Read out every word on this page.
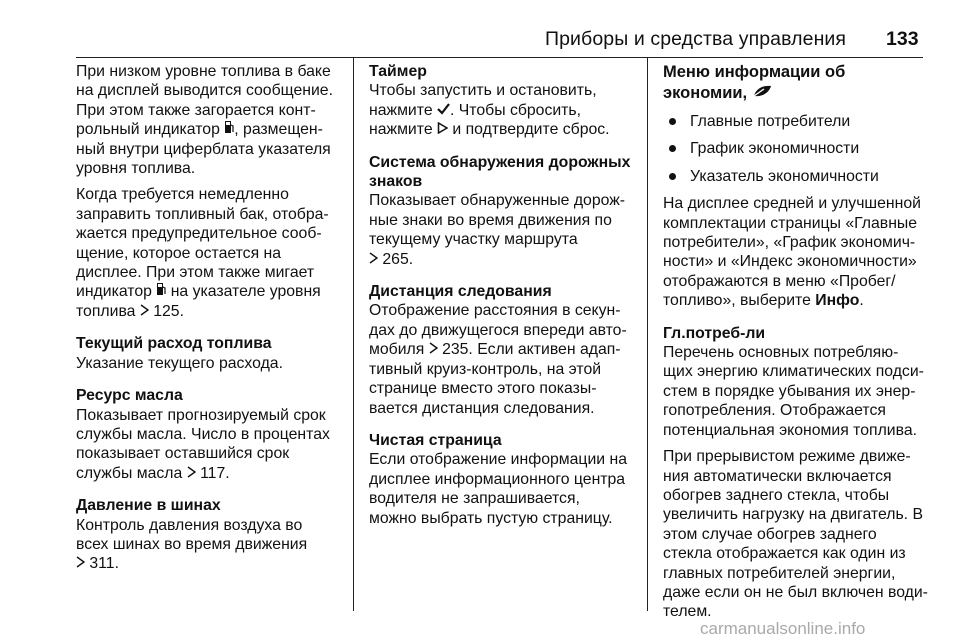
Приборы и средства управления 133
При низком уровне топлива в баке
на дисплей выводится сообщение.
При этом также загорается конт-
рольный индикатор , размещен-
ный внутри циферблата указателя
уровня топлива.
Когда требуется немедленно
заправить топливный бак, отобра-
жается предупредительное сооб-
щение, которое остается на
дисплее. При этом также мигает
индикатор  на указателе уровня
топлива  125.
Текущий расход топлива
Указание текущего расхода.
Ресурс масла
Показывает прогнозируемый срок
службы масла. Число в процентах
показывает оставшийся срок
службы масла  117.
Давление в шинах
Контроль давления воздуха во
всех шинах во время движения
311.
Таймер
Чтобы запустить и остановить,
нажмите . Чтобы сбросить,
нажмите  и подтвердите сброс.
Система обнаружения дорожных
знаков
Показывает обнаруженные дорож-
ные знаки во время движения по
текущему участку маршрута
265.
Дистанция следования
Отображение расстояния в секун-
дах до движущегося впереди авто-
мобиля  235. Если активен адап-
тивный круиз-контроль, на этой
странице вместо этого показы-
вается дистанция следования.
Чистая страница
Если отображение информации на
дисплее информационного центра
водителя не запрашивается,
можно выбрать пустую страницу.
Меню информации об
экономии,
Главные потребители
График экономичности
Указатель экономичности
На дисплее средней и улучшенной
комплектации страницы «Главные
потребители», «График экономич-
ности» и «Индекс экономичности»
отображаются в меню «Пробег/
топливо», выберите Инфо.
Гл.потреб-ли
Перечень основных потребляю-
щих энергию климатических подси-
стем в порядке убывания их энер-
гопотребления. Отображается
потенциальная экономия топлива.
При прерывистом режиме движе-
ния автоматически включается
обогрев заднего стекла, чтобы
увеличить нагрузку на двигатель. В
этом случае обогрев заднего
стекла отображается как один из
главных потребителей энергии,
даже если он не был включен води-
телем.
carmanualsonline.info
